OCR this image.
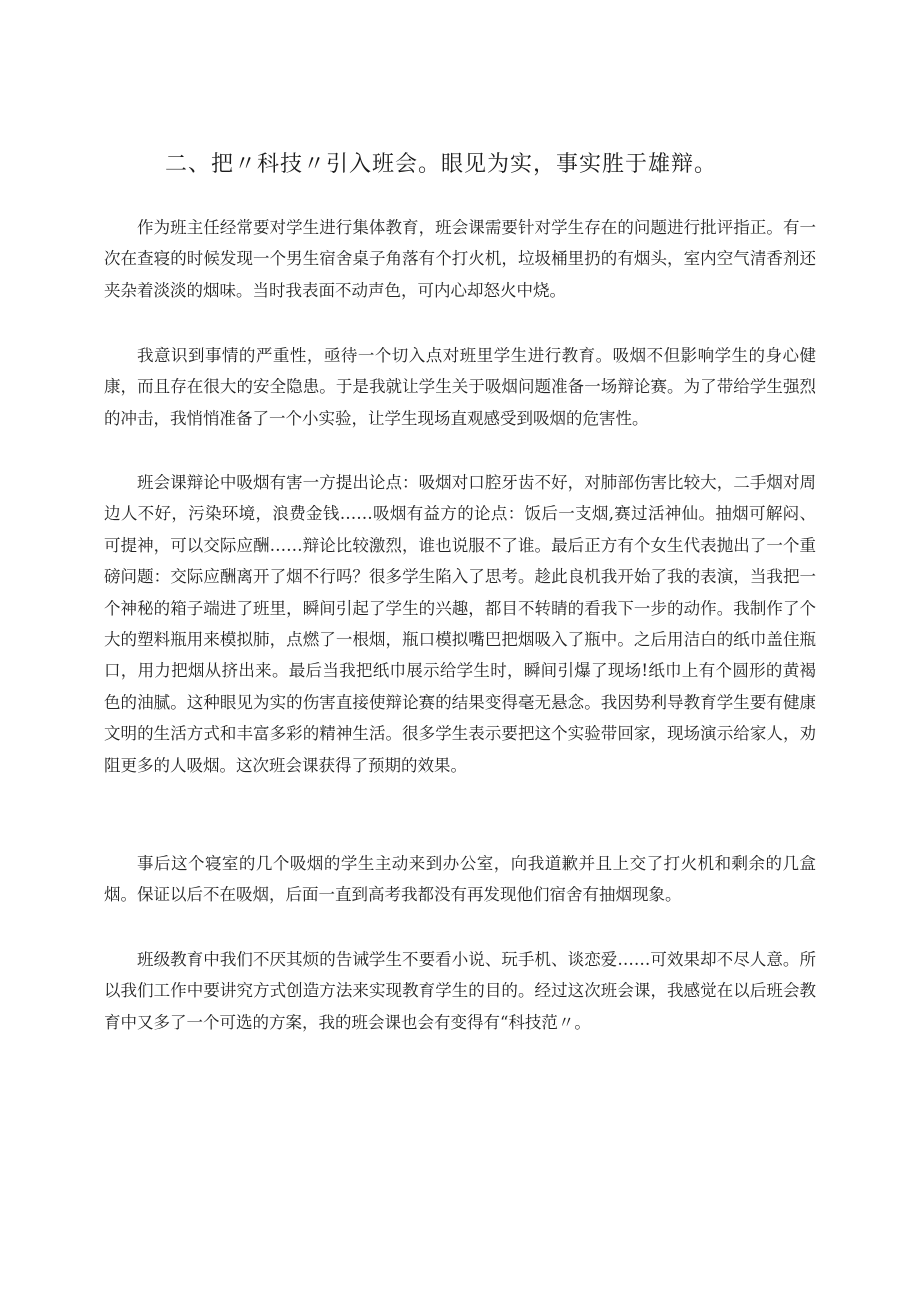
二、把〃科技〃引入班会。眼见为实，事实胜于雄辩。

作为班主任经常要对学生进行集体教育，班会课需要针对学生存在的问题进行批评指正。有一次在查寝的时候发现一个男生宿舍桌子角落有个打火机，垃圾桶里扔的有烟头，室内空气清香剂还夹杂着淡淡的烟味。当时我表面不动声色，可内心却怒火中烧。

我意识到事情的严重性，亟待一个切入点对班里学生进行教育。吸烟不但影响学生的身心健康，而且存在很大的安全隐患。于是我就让学生关于吸烟问题准备一场辩论赛。为了带给学生强烈的冲击，我悄悄准备了一个小实验，让学生现场直观感受到吸烟的危害性。

班会课辩论中吸烟有害一方提出论点：吸烟对口腔牙齿不好，对肺部伤害比较大，二手烟对周边人不好，污染环境，浪费金钱……吸烟有益方的论点：饭后一支烟,赛过活神仙。抽烟可解闷、可提神，可以交际应酬……辩论比较激烈，谁也说服不了谁。最后正方有个女生代表抛出了一个重磅问题：交际应酬离开了烟不行吗？很多学生陷入了思考。趁此良机我开始了我的表演，当我把一个神秘的箱子端进了班里，瞬间引起了学生的兴趣，都目不转睛的看我下一步的动作。我制作了个大的塑料瓶用来模拟肺，点燃了一根烟，瓶口模拟嘴巴把烟吸入了瓶中。之后用洁白的纸巾盖住瓶口，用力把烟从挤出来。最后当我把纸巾展示给学生时，瞬间引爆了现场!纸巾上有个圆形的黄褐色的油腻。这种眼见为实的伤害直接使辩论赛的结果变得毫无悬念。我因势利导教育学生要有健康文明的生活方式和丰富多彩的精神生活。很多学生表示要把这个实验带回家，现场演示给家人，劝阻更多的人吸烟。这次班会课获得了预期的效果。

事后这个寝室的几个吸烟的学生主动来到办公室，向我道歉并且上交了打火机和剩余的几盒烟。保证以后不在吸烟，后面一直到高考我都没有再发现他们宿舍有抽烟现象。

班级教育中我们不厌其烦的告诫学生不要看小说、玩手机、谈恋爱……可效果却不尽人意。所以我们工作中要讲究方式创造方法来实现教育学生的目的。经过这次班会课，我感觉在以后班会教育中又多了一个可选的方案，我的班会课也会有变得有“科技范〃。
